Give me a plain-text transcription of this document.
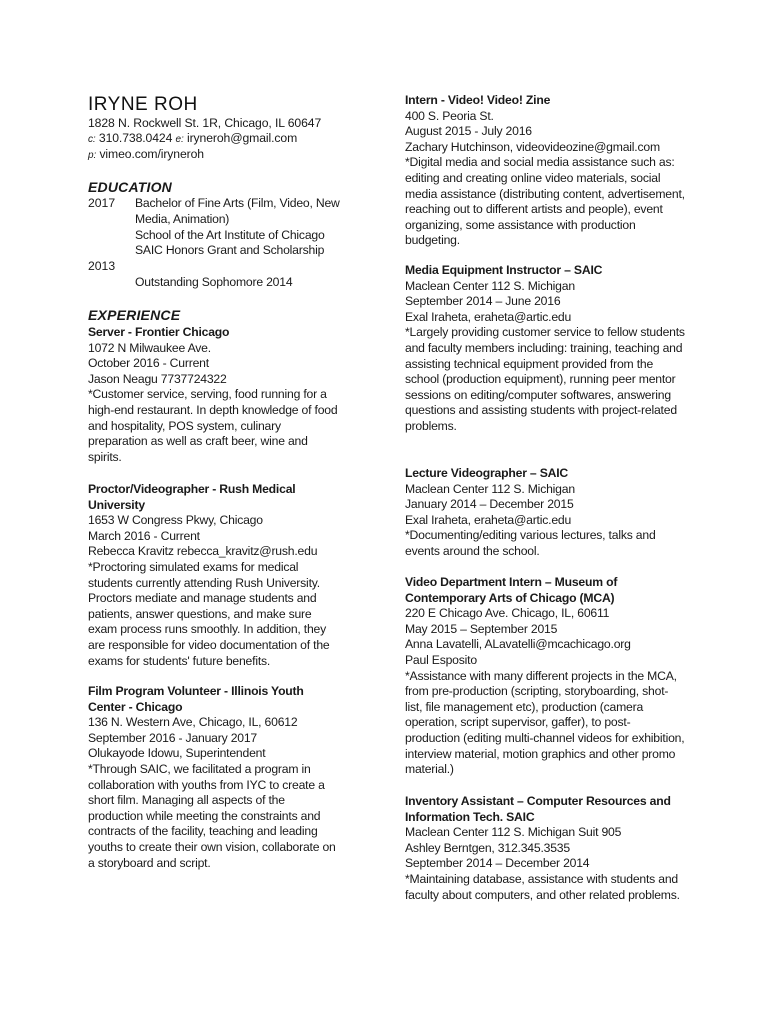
IRYNE ROH
1828 N. Rockwell St. 1R, Chicago, IL 60647
c: 310.738.0424 e: iryneroh@gmail.com
p: vimeo.com/iryneroh
EDUCATION
2017 Bachelor of Fine Arts (Film, Video, New Media, Animation)
School of the Art Institute of Chicago
SAIC Honors Grant and Scholarship
2013
Outstanding Sophomore 2014
EXPERIENCE
Server - Frontier Chicago
1072 N Milwaukee Ave.
October 2016 - Current
Jason Neagu 7737724322
*Customer service, serving, food running for a high-end restaurant. In depth knowledge of food and hospitality, POS system, culinary preparation as well as craft beer, wine and spirits.
Proctor/Videographer - Rush Medical University
1653 W Congress Pkwy, Chicago
March 2016 - Current
Rebecca Kravitz rebecca_kravitz@rush.edu
*Proctoring simulated exams for medical students currently attending Rush University. Proctors mediate and manage students and patients, answer questions, and make sure exam process runs smoothly. In addition, they are responsible for video documentation of the exams for students' future benefits.
Film Program Volunteer - Illinois Youth Center - Chicago
136 N. Western Ave, Chicago, IL, 60612
September 2016 - January 2017
Olukayode Idowu, Superintendent
*Through SAIC, we facilitated a program in collaboration with youths from IYC to create a short film. Managing all aspects of the production while meeting the constraints and contracts of the facility, teaching and leading youths to create their own vision, collaborate on a storyboard and script.
Intern - Video! Video! Zine
400 S. Peoria St.
August 2015 - July 2016
Zachary Hutchinson, videovideozine@gmail.com
*Digital media and social media assistance such as: editing and creating online video materials, social media assistance (distributing content, advertisement, reaching out to different artists and people), event organizing, some assistance with production budgeting.
Media Equipment Instructor – SAIC
Maclean Center 112 S. Michigan
September 2014 – June 2016
Exal Iraheta, eraheta@artic.edu
*Largely providing customer service to fellow students and faculty members including: training, teaching and assisting technical equipment provided from the school (production equipment), running peer mentor sessions on editing/computer softwares, answering questions and assisting students with project-related problems.
Lecture Videographer – SAIC
Maclean Center 112 S. Michigan
January 2014 – December 2015
Exal Iraheta, eraheta@artic.edu
*Documenting/editing various lectures, talks and events around the school.
Video Department Intern – Museum of Contemporary Arts of Chicago (MCA)
220 E Chicago Ave. Chicago, IL, 60611
May 2015 – September 2015
Anna Lavatelli, ALavatelli@mcachicago.org
Paul Esposito
*Assistance with many different projects in the MCA, from pre-production (scripting, storyboarding, shot-list, file management etc), production (camera operation, script supervisor, gaffer), to post-production (editing multi-channel videos for exhibition, interview material, motion graphics and other promo material.)
Inventory Assistant – Computer Resources and Information Tech. SAIC
Maclean Center 112 S. Michigan Suit 905
Ashley Berntgen, 312.345.3535
September 2014 – December 2014
*Maintaining database, assistance with students and faculty about computers, and other related problems.
